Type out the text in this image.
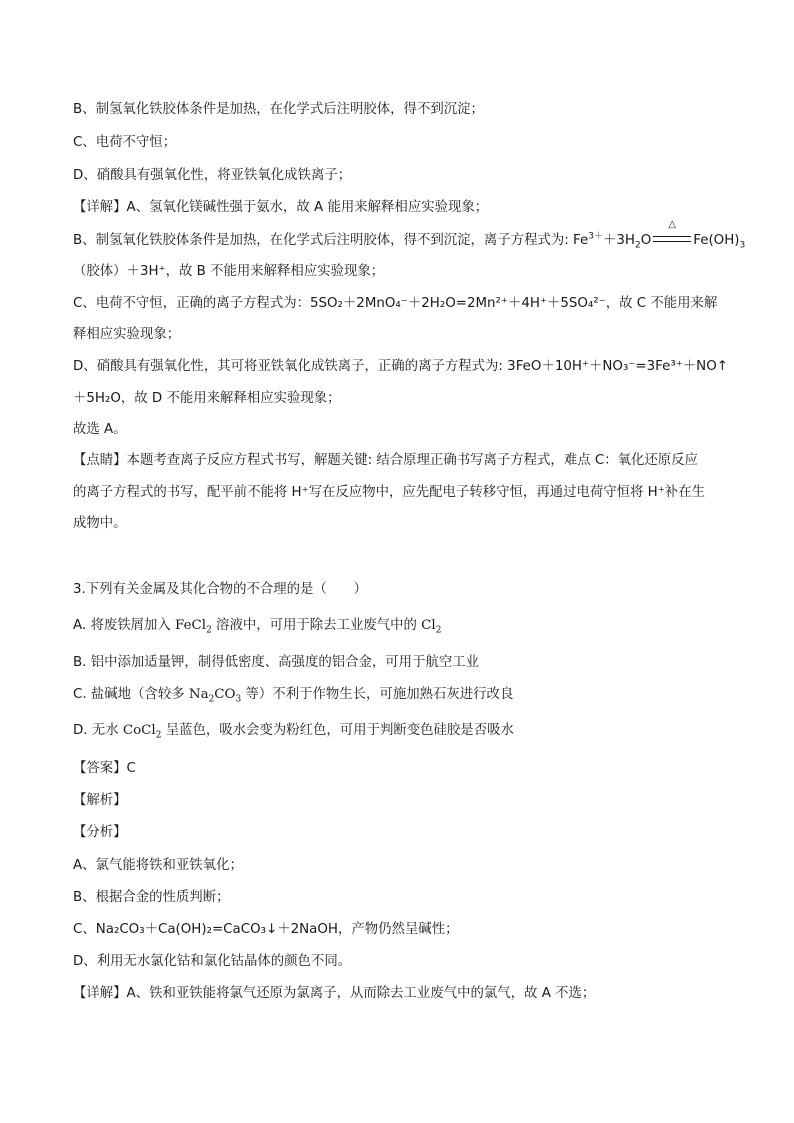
B、制氢氧化铁胶体条件是加热，在化学式后注明胶体，得不到沉淀；
C、电荷不守恒；
D、硝酸具有强氧化性，将亚铁氧化成铁离子；
【详解】A、氢氧化镁碱性强于氨水，故 A 能用来解释相应实验现象；
B、制氢氧化铁胶体条件是加热，在化学式后注明胶体，得不到沉淀，离子方程式为: $Fe^{3+}+3H_2O$
△
$Fe(OH)_3$
（胶体）＋3H⁺，故 B 不能用来解释相应实验现象；
C、电荷不守恒，正确的离子方程式为：5SO₂＋2MnO₄⁻＋2H₂O=2Mn²⁺＋4H⁺＋5SO₄²⁻，故 C 不能用来解
释相应实验现象；
D、硝酸具有强氧化性，其可将亚铁氧化成铁离子，正确的离子方程式为: 3FeO＋10H⁺＋NO₃⁻=3Fe³⁺＋NO↑
＋5H₂O，故 D 不能用来解释相应实验现象；
故选 A。
【点睛】本题考查离子反应方程式书写，解题关键: 结合原理正确书写离子方程式，难点 C：氧化还原反应
的离子方程式的书写，配平前不能将 H⁺写在反应物中，应先配电子转移守恒，再通过电荷守恒将 H⁺补在生
成物中。
3.下列有关金属及其化合物的不合理的是（　　）
A. 将废铁屑加入 FeCl$_2$ 溶液中，可用于除去工业废气中的 $Cl_2$
B. 铝中添加适量钾，制得低密度、高强度的铝合金，可用于航空工业
C. 盐碱地（含较多 $Na_2CO_3$ 等）不利于作物生长，可施加熟石灰进行改良
D. 无水 CoCl$_2$ 呈蓝色，吸水会变为粉红色，可用于判断变色硅胶是否吸水
【答案】C
【解析】
【分析】
A、氯气能将铁和亚铁氧化；
B、根据合金的性质判断；
C、Na₂CO₃＋Ca(OH)₂=CaCO₃↓＋2NaOH，产物仍然呈碱性；
D、利用无水氯化钴和氯化钴晶体的颜色不同。
【详解】A、铁和亚铁能将氯气还原为氯离子，从而除去工业废气中的氯气，故 A 不选；
